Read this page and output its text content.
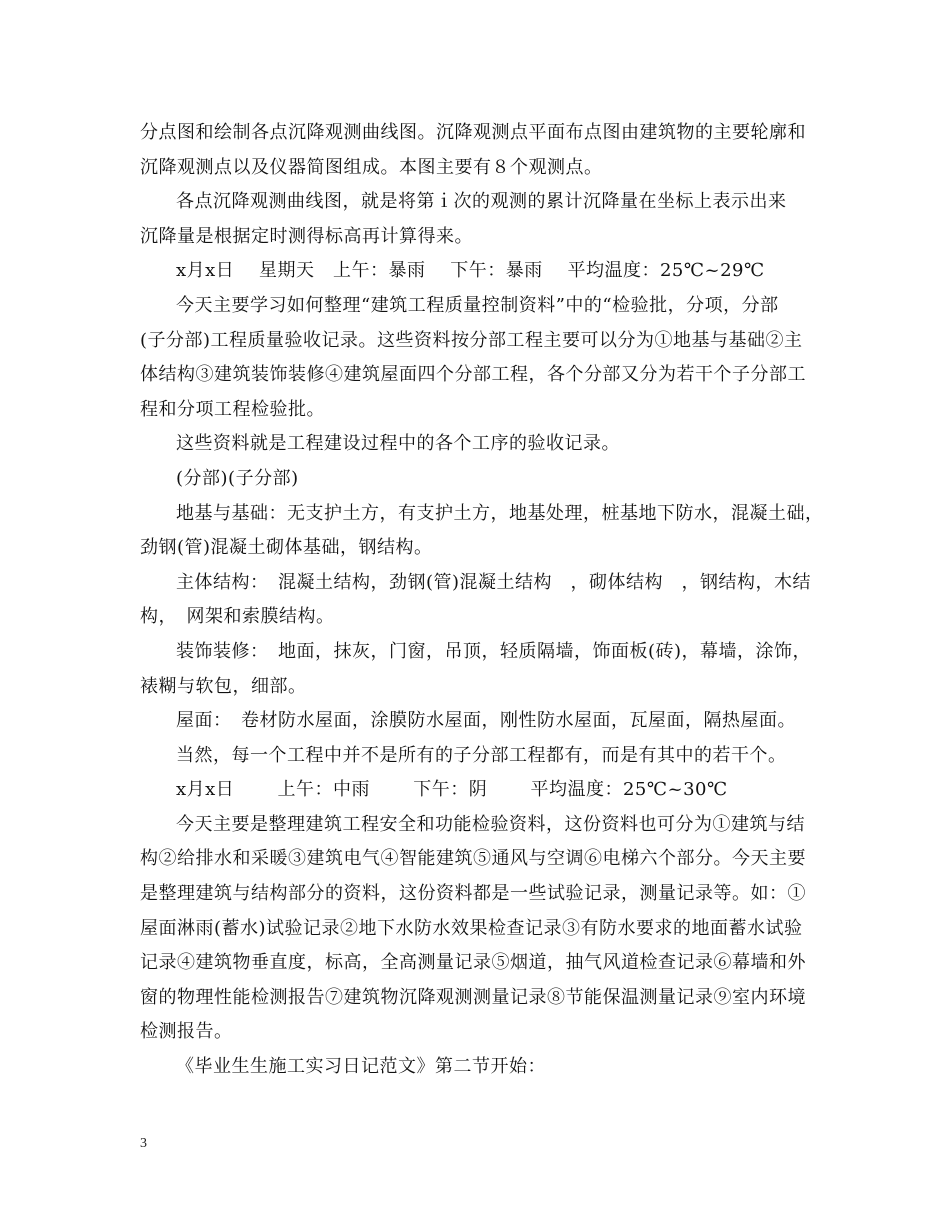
分点图和绘制各点沉降观测曲线图。沉降观测点平面布点图由建筑物的主要轮廓和
沉降观测点以及仪器简图组成。本图主要有８个观测点。
各点沉降观测曲线图，就是将第ｉ次的观测的累计沉降量在坐标上表示出来
沉降量是根据定时测得标高再计算得来。
x月x日　 星期天　上午：暴雨　 下午：暴雨　 平均温度：25℃~29℃
今天主要学习如何整理“建筑工程质量控制资料”中的“检验批，分项，分部
(子分部)工程质量验收记录。这些资料按分部工程主要可以分为①地基与基础②主
体结构③建筑装饰装修④建筑屋面四个分部工程，各个分部又分为若干个子分部工
程和分项工程检验批。
这些资料就是工程建设过程中的各个工序的验收记录。
(分部)(子分部)
地基与基础：无支护土方，有支护土方，地基处理，桩基地下防水，混凝土础，
劲钢(管)混凝土砌体基础，钢结构。
主体结构：　混凝土结构，劲钢(管)混凝土结构　，砌体结构　，钢结构，木结
构，　网架和索膜结构。
装饰装修：　地面，抹灰，门窗，吊顶，轻质隔墙，饰面板(砖)，幕墙，涂饰，
裱糊与软包，细部。
屋面：　卷材防水屋面，涂膜防水屋面，刚性防水屋面，瓦屋面，隔热屋面。
当然，每一个工程中并不是所有的子分部工程都有，而是有其中的若干个。
x月x日　　 上午：中雨　　 下午：阴　　 平均温度：25℃~30℃
今天主要是整理建筑工程安全和功能检验资料，这份资料也可分为①建筑与结
构②给排水和采暖③建筑电气④智能建筑⑤通风与空调⑥电梯六个部分。今天主要
是整理建筑与结构部分的资料，这份资料都是一些试验记录，测量记录等。如：①
屋面淋雨(蓄水)试验记录②地下水防水效果检查记录③有防水要求的地面蓄水试验
记录④建筑物垂直度，标高，全高测量记录⑤烟道，抽气风道检查记录⑥幕墙和外
窗的物理性能检测报告⑦建筑物沉降观测测量记录⑧节能保温测量记录⑨室内环境
检测报告。
《毕业生生施工实习日记范文》第二节开始：
3
